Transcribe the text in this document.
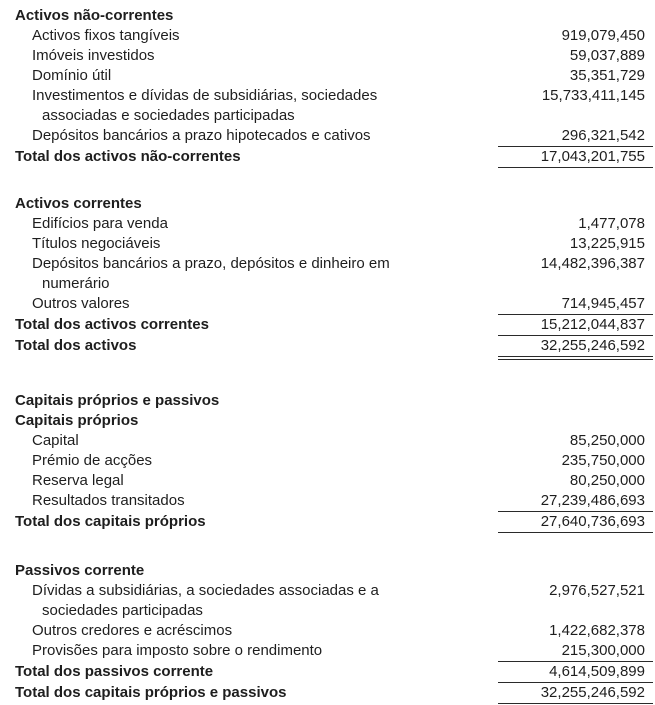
Activos não-correntes
Activos fixos tangíveis	919,079,450
Imóveis investidos	59,037,889
Domínio útil	35,351,729
Investimentos e dívidas de subsidiárias, sociedades
associadas e sociedades participadas
15,733,411,145
Depósitos bancários a prazo hipotecados e cativos	296,321,542
Total dos activos não-correntes	17,043,201,755
Activos correntes
Edifícios para venda	1,477,078
Títulos negociáveis	13,225,915
Depósitos bancários a prazo, depósitos e dinheiro em
numerário
14,482,396,387
Outros valores	714,945,457
Total dos activos correntes	15,212,044,837
Total dos activos	32,255,246,592
Capitais próprios e passivos
Capitais próprios
Capital	85,250,000
Prémio de acções	235,750,000
Reserva legal	80,250,000
Resultados transitados	27,239,486,693
Total dos capitais próprios	27,640,736,693
Passivos corrente
Dívidas a subsidiárias, a sociedades associadas e a
sociedades participadas
2,976,527,521
Outros credores e acréscimos	1,422,682,378
Provisões para imposto sobre o rendimento	215,300,000
Total dos passivos corrente	4,614,509,899
Total dos capitais próprios e passivos	32,255,246,592
